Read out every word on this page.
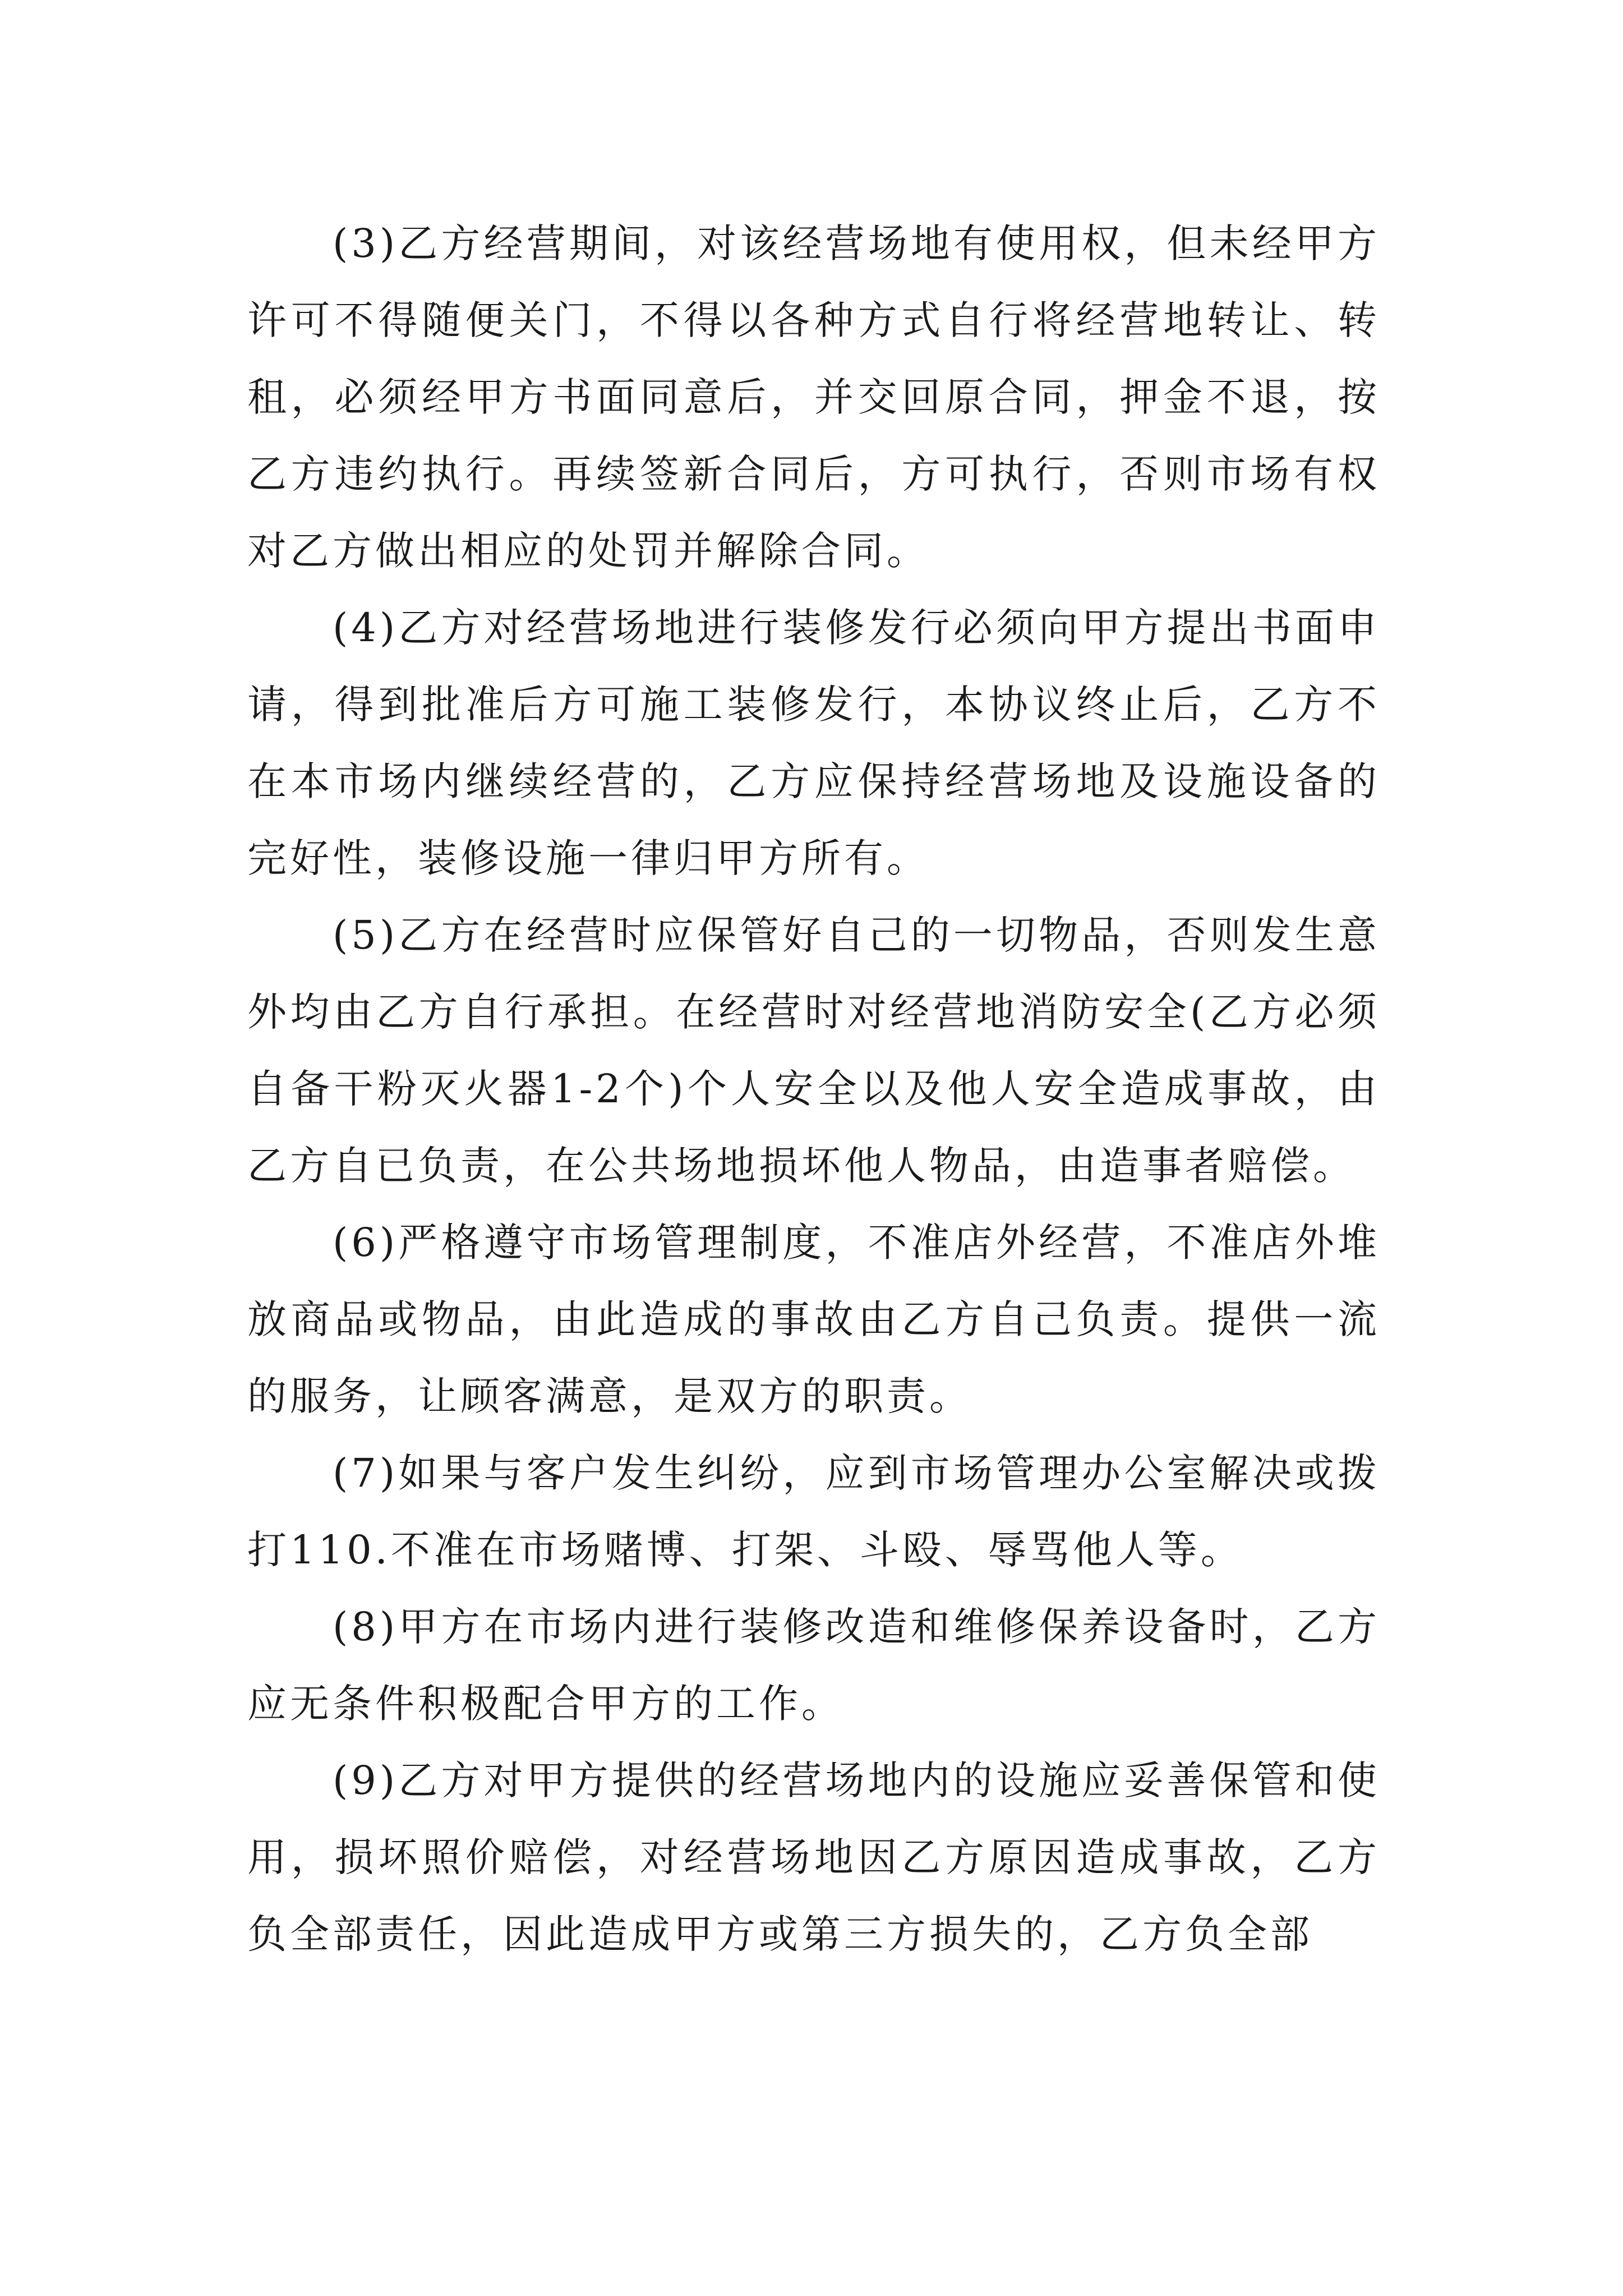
(3)乙方经营期间，对该经营场地有使用权，但未经甲方许可不得随便关门，不得以各种方式自行将经营地转让、转租，必须经甲方书面同意后，并交回原合同，押金不退，按乙方违约执行。再续签新合同后，方可执行，否则市场有权对乙方做出相应的处罚并解除合同。

(4)乙方对经营场地进行装修发行必须向甲方提出书面申请，得到批准后方可施工装修发行，本协议终止后，乙方不在本市场内继续经营的，乙方应保持经营场地及设施设备的完好性，装修设施一律归甲方所有。

(5)乙方在经营时应保管好自己的一切物品，否则发生意外均由乙方自行承担。在经营时对经营地消防安全(乙方必须自备干粉灭火器1-2个)个人安全以及他人安全造成事故，由乙方自已负责，在公共场地损坏他人物品，由造事者赔偿。

(6)严格遵守市场管理制度，不准店外经营，不准店外堆放商品或物品，由此造成的事故由乙方自己负责。提供一流的服务，让顾客满意，是双方的职责。

(7)如果与客户发生纠纷，应到市场管理办公室解决或拨打110.不准在市场赌博、打架、斗殴、辱骂他人等。

(8)甲方在市场内进行装修改造和维修保养设备时，乙方应无条件积极配合甲方的工作。

(9)乙方对甲方提供的经营场地内的设施应妥善保管和使用，损坏照价赔偿，对经营场地因乙方原因造成事故，乙方负全部责任，因此造成甲方或第三方损失的，乙方负全部
